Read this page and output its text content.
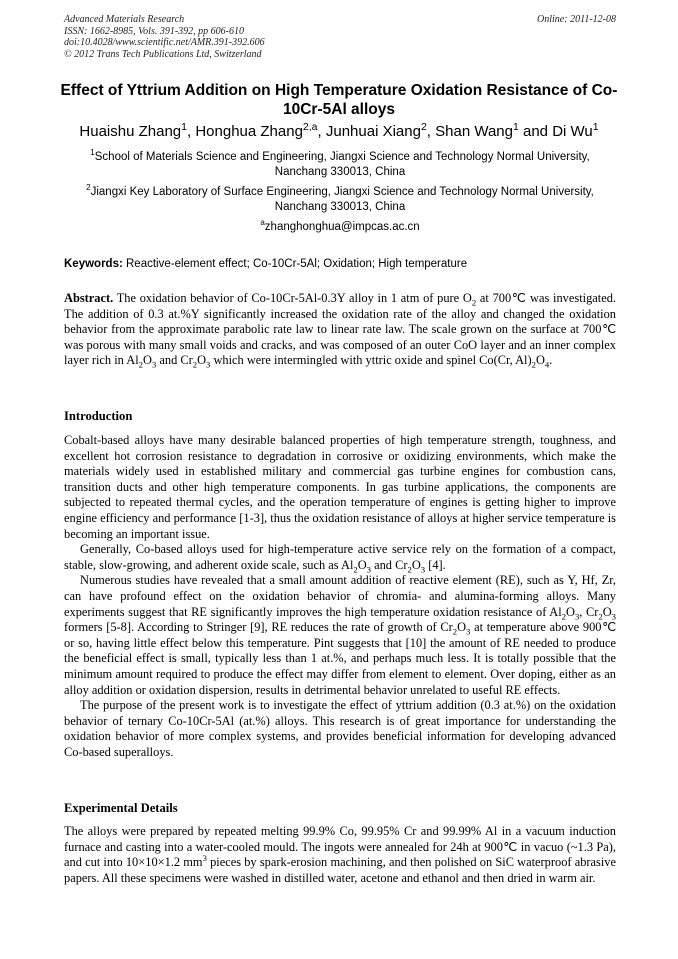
Advanced Materials Research
ISSN: 1662-8985, Vols. 391-392, pp 606-610
doi:10.4028/www.scientific.net/AMR.391-392.606
© 2012 Trans Tech Publications Ltd, Switzerland
Online: 2011-12-08
Effect of Yttrium Addition on High Temperature Oxidation Resistance of Co-10Cr-5Al alloys
Huaishu Zhang$^1$, Honghua Zhang$^{2,a}$, Junhuai Xiang$^2$, Shan Wang$^1$ and Di Wu$^1$
$^1$School of Materials Science and Engineering, Jiangxi Science and Technology Normal University, Nanchang 330013, China
$^2$Jiangxi Key Laboratory of Surface Engineering, Jiangxi Science and Technology Normal University, Nanchang 330013, China
$^a$zhanghonghua@impcas.ac.cn
Keywords: Reactive-element effect; Co-10Cr-5Al; Oxidation; High temperature
Abstract. The oxidation behavior of Co-10Cr-5Al-0.3Y alloy in 1 atm of pure $O_2$ at 700℃ was investigated. The addition of 0.3 at.%Y significantly increased the oxidation rate of the alloy and changed the oxidation behavior from the approximate parabolic rate law to linear rate law. The scale grown on the surface at 700℃ was porous with many small voids and cracks, and was composed of an outer CoO layer and an inner complex layer rich in $Al_2O_3$ and $Cr_2O_3$ which were intermingled with yttric oxide and spinel Co(Cr, $Al)_2O_4$.
Introduction

Cobalt-based alloys have many desirable balanced properties of high temperature strength, toughness, and excellent hot corrosion resistance to degradation in corrosive or oxidizing environments, which make the materials widely used in established military and commercial gas turbine engines for combustion cans, transition ducts and other high temperature components. In gas turbine applications, the components are subjected to repeated thermal cycles, and the operation temperature of engines is getting higher to improve engine efficiency and performance [1-3], thus the oxidation resistance of alloys at higher service temperature is becoming an important issue.

Generally, Co-based alloys used for high-temperature active service rely on the formation of a compact, stable, slow-growing, and adherent oxide scale, such as $Al_2O_3$ and $Cr_2O_3$ [4].

Numerous studies have revealed that a small amount addition of reactive element (RE), such as Y, Hf, Zr, can have profound effect on the oxidation behavior of chromia- and alumina-forming alloys. Many experiments suggest that RE significantly improves the high temperature oxidation resistance of $Al_2O_3$, $Cr_2O_3$ formers [5-8]. According to Stringer [9], RE reduces the rate of growth of $Cr_2O_3$ at temperature above 900℃ or so, having little effect below this temperature. Pint suggests that [10] the amount of RE needed to produce the beneficial effect is small, typically less than 1 at.%, and perhaps much less. It is totally possible that the minimum amount required to produce the effect may differ from element to element. Over doping, either as an alloy addition or oxidation dispersion, results in detrimental behavior unrelated to useful RE effects.

The purpose of the present work is to investigate the effect of yttrium addition (0.3 at.%) on the oxidation behavior of ternary Co-10Cr-5Al (at.%) alloys. This research is of great importance for understanding the oxidation behavior of more complex systems, and provides beneficial information for developing advanced Co-based superalloys.

Experimental Details

The alloys were prepared by repeated melting 99.9% Co, 99.95% Cr and 99.99% Al in a vacuum induction furnace and casting into a water-cooled mould. The ingots were annealed for 24h at 900℃ in vacuo (~1.3 Pa), and cut into 10×10×1.2 $mm^3$ pieces by spark-erosion machining, and then polished on SiC waterproof abrasive papers. All these specimens were washed in distilled water, acetone and ethanol and then dried in warm air.
